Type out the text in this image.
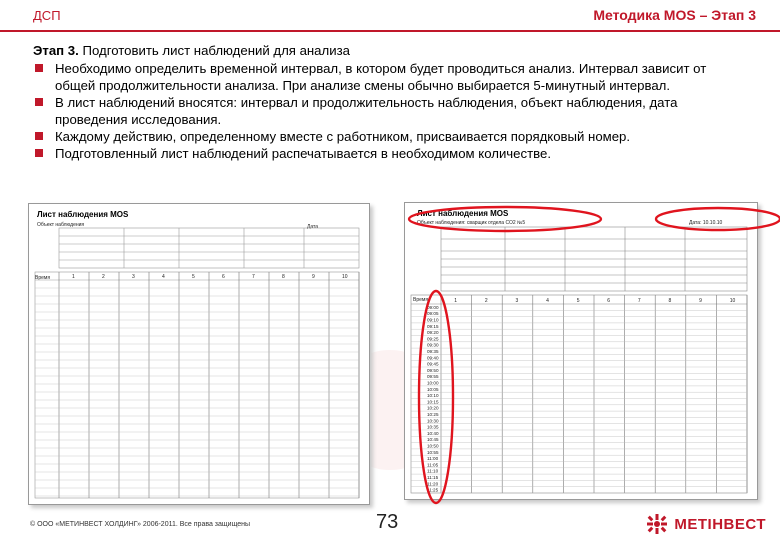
ДСП	Методика MOS – Этап 3

Этап 3. Подготовить лист наблюдений для анализа

Необходимо определить временной интервал, в котором будет проводиться анализ. Интервал зависит от общей продолжительности анализа. При анализе смены обычно выбирается 5-минутный интервал.
В лист наблюдений вносятся: интервал и продолжительность наблюдения, объект наблюдения, дата проведения исследования.
Каждому действию, определенному вместе с работником, присваивается порядковый номер.
Подготовленный лист наблюдений распечатывается в необходимом количестве.
Лист наблюдения MOS
Объект наблюдения	Дата
Время	1	2	3	4	5	6	7	8	9	10
Лист наблюдения MOS
Объект наблюдения: сварщик отдела СО2 №5	Дата: 10.10.10
Время	1	2	3	4	5	6	7	8	9	10
09:00
09:05
09:10
09:15
09:20
09:25
09:30
09:35
09:40
09:45
09:50
09:55
10:00
10:05
10:10
10:15
10:20
10:25
10:30
10:35
10:40
10:45
10:50
10:55
11:00
11:05
11:10
11:15
11:20
11:25
© ООО «МЕТИНВЕСТ ХОЛДИНГ» 2006-2011. Все права защищены	73	МЕТІНВЕСТ
